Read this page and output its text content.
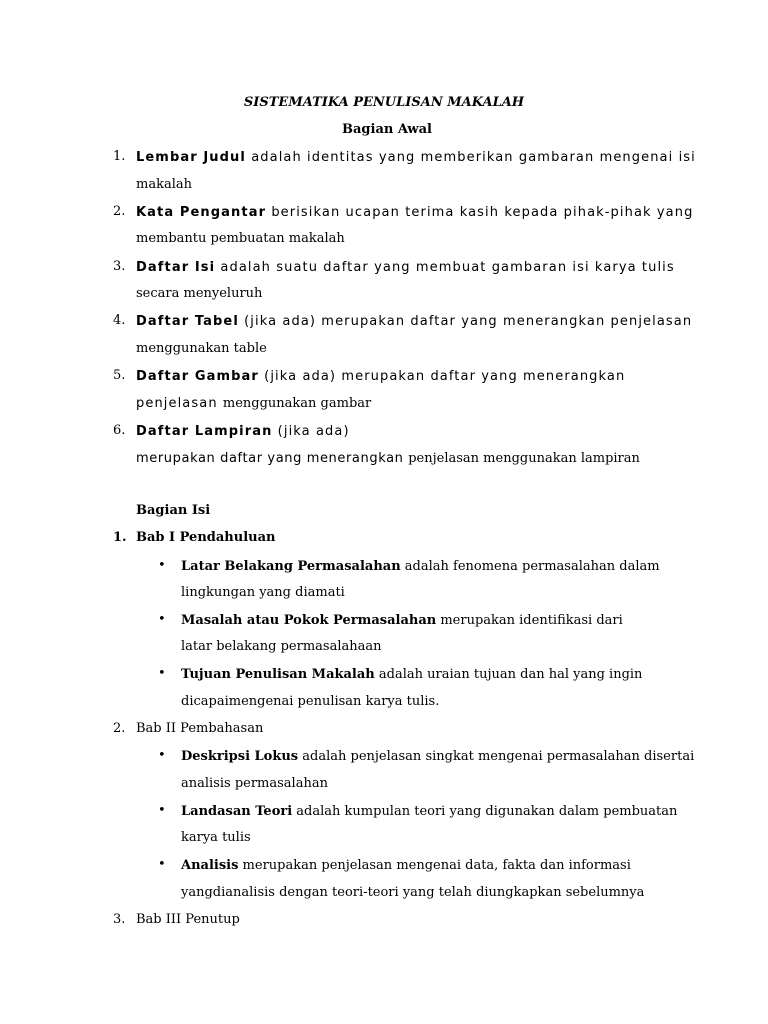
SISTEMATIKA PENULISAN MAKALAH
Bagian Awal
1. Lembar Judul adalah identitas yang memberikan gambaran mengenai isi
makalah
2. Kata Pengantar berisikan ucapan terima kasih kepada pihak-pihak yang
membantu pembuatan makalah
3. Daftar Isi adalah suatu daftar yang membuat gambaran isi karya tulis
secara menyeluruh
4. Daftar Tabel (jika ada) merupakan daftar yang menerangkan penjelasan
menggunakan table
5. Daftar Gambar (jika ada) merupakan daftar yang menerangkan
penjelasan menggunakan gambar
6. Daftar Lampiran (jika ada)
merupakan daftar yang menerangkan penjelasan menggunakan lampiran
Bagian Isi
1. Bab I Pendahuluan
• Latar Belakang Permasalahan adalah fenomena permasalahan dalam
lingkungan yang diamati
• Masalah atau Pokok Permasalahan merupakan identifikasi dari
latar belakang permasalahaan
• Tujuan Penulisan Makalah adalah uraian tujuan dan hal yang ingin
dicapaimengenai penulisan karya tulis.
2. Bab II Pembahasan
• Deskripsi Lokus adalah penjelasan singkat mengenai permasalahan disertai
analisis permasalahan
• Landasan Teori adalah kumpulan teori yang digunakan dalam pembuatan
karya tulis
• Analisis merupakan penjelasan mengenai data, fakta dan informasi
yangdianalisis dengan teori-teori yang telah diungkapkan sebelumnya
3. Bab III Penutup
